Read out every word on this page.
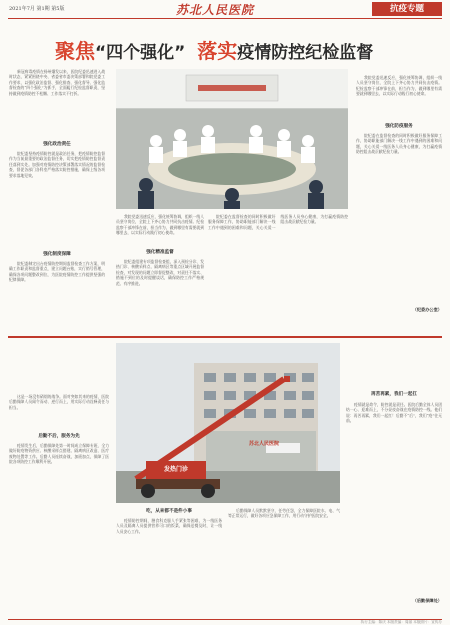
2021年7月 第1期 第5版	苏北人民医院	抗疫专题
聚焦“四个强化” 落实疫情防控纪检监督
新冠病毒疫情在扬州爆发以来，医院纪委迅速进入战时状态，紧紧围绕中央、省委省市委决策部署和院党委工作要求，以强化政治监督、强化排查、强化督导、强化监督检查的“四个强化”为抓手，全面履行纪检监督职责，坚持做到疫情防控不松懈、工作落实不打折。
强化政治责任
院纪委坚持疫情防控就是政治任务，把疫情防控监督作为当前最重要的政治监督任务，切实把疫情防控监督责任落到实处。加强对疫情防控决策部署落实情况的监督检查，督促各部门各科室严格落实防控措施，确保上级各项要求落地见效。
强化制度保障
院纪委制定出台疫情防控期间监督检查工作方案，明确工作职责和监督重点，建立问题台账，实行销号管理，确保各项问题整改到位，为医院疫情防控工作提供坚强的纪律保障。
我院党委迅速反应，强化统筹协调，组织一线人员坚守岗位，全院上下齐心协力共同抗击疫情。纪检监察干部冲锋在前，担当作为，做到哪里有需要就到哪里去，以实际行动践行初心使命。
强化防疫服务
院纪委在监督检查的同时积极做好服务保障工作，协助职能部门解决一线工作中遇到的困难和问题，关心关爱一线医务人员身心健康，为打赢疫情防控阻击战贡献纪检力量。
（纪委办公室）
我院党委迅速反应，强化统筹协调，组织一线人员坚守岗位，全院上下齐心协力共同抗击疫情。纪检监察干部冲锋在前，担当作为，做到哪里有需要就到哪里去，以实际行动践行初心使命。
强化精准监督
院纪委组建专项监督检查组，深入预检分诊、发热门诊、核酸采样点、隔离病区等重点区域开展监督检查，对发现的问题立即督促整改，对责任不落实、措施不到位的及时提醒谈话，确保防控工作严格规范、有序推进。
院纪委在监督检查的同时积极做好服务保障工作，协助职能部门解决一线工作中遇到的困难和问题，关心关爱一线医务人员身心健康，为打赢疫情防控阻击战贡献纪检力量。
这是一场没有硝烟的战争。面对突如其来的疫情，医院后勤保障人员闻令而动、逆行而上，用实际行动诠释责任与担当。
后勤不后，服务为先
疫情发生后，后勤保障处第一时间成立保障专班，全力做好防疫物资供应、核酸采样点搭建、隔离病区改造、医疗废物处置等工作。后勤人员连续奋战，加班加点，保障了医院各项防控工作顺利开展。
苏北人民医院
发热门诊
再苦再累，我们一起扛
疫情就是命令，防控就是责任。医院后勤全体人员团结一心、迎难而上，不分昼夜奋战在疫情防控一线。他们说：再苦再累，我们一起扛！后勤不“后”，我们“疫”往无前。
（后勤保障处）
吃，从来都不是件小事
疫情防控期间，膳食科克服人手紧张等困难，为一线医务人员及隔离人员提供营养可口的饭菜，确保送餐及时，让一线人员安心工作。
后勤保障人员默默坚守，任劳任怨，全力保障医院水、电、气等正常运行，做好各项应急保障工作，用行动守护医院安全。
执行主编：陈庆 本版责编：周丽 本版照片：宣传办
